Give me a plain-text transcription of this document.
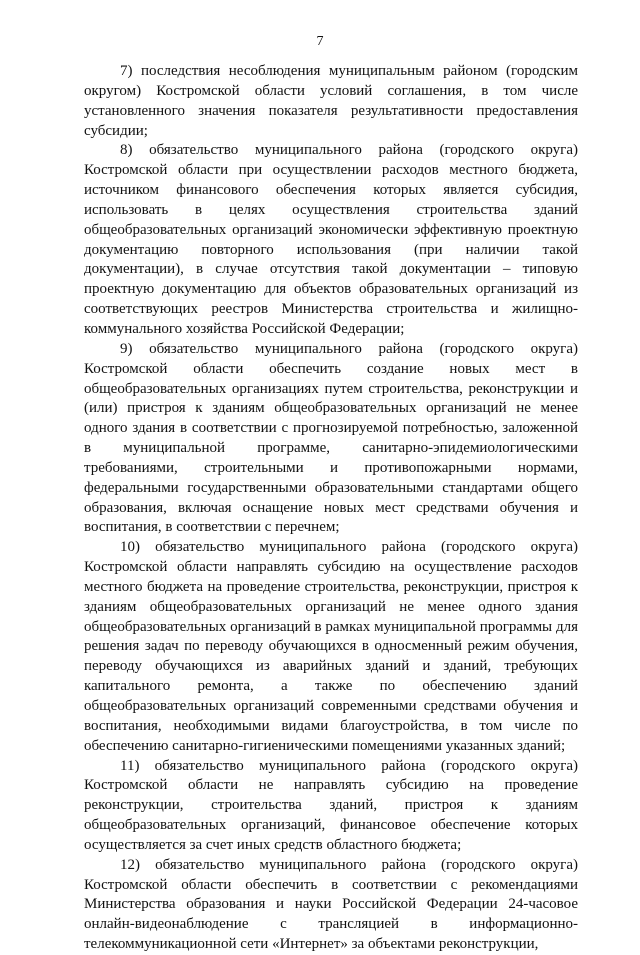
7

7) последствия несоблюдения муниципальным районом (городским округом) Костромской области условий соглашения, в том числе установленного значения показателя результативности предоставления субсидии;

8) обязательство муниципального района (городского округа) Костромской области при осуществлении расходов местного бюджета, источником финансового обеспечения которых является субсидия, использовать в целях осуществления строительства зданий общеобразовательных организаций экономически эффективную проектную документацию повторного использования (при наличии такой документации), в случае отсутствия такой документации – типовую проектную документацию для объектов образовательных организаций из соответствующих реестров Министерства строительства и жилищно-коммунального хозяйства Российской Федерации;

9) обязательство муниципального района (городского округа) Костромской области обеспечить создание новых мест в общеобразовательных организациях путем строительства, реконструкции и (или) пристроя к зданиям общеобразовательных организаций не менее одного здания в соответствии с прогнозируемой потребностью, заложенной в муниципальной программе, санитарно-эпидемиологическими требованиями, строительными и противопожарными нормами, федеральными государственными образовательными стандартами общего образования, включая оснащение новых мест средствами обучения и воспитания, в соответствии с перечнем;

10) обязательство муниципального района (городского округа) Костромской области направлять субсидию на осуществление расходов местного бюджета на проведение строительства, реконструкции, пристроя к зданиям общеобразовательных организаций не менее одного здания общеобразовательных организаций в рамках муниципальной программы для решения задач по переводу обучающихся в односменный режим обучения, переводу обучающихся из аварийных зданий и зданий, требующих капитального ремонта, а также по обеспечению зданий общеобразовательных организаций современными средствами обучения и воспитания, необходимыми видами благоустройства, в том числе по обеспечению санитарно-гигиеническими помещениями указанных зданий;

11) обязательство муниципального района (городского округа) Костромской области не направлять субсидию на проведение реконструкции, строительства зданий, пристроя к зданиям общеобразовательных организаций, финансовое обеспечение которых осуществляется за счет иных средств областного бюджета;

12) обязательство муниципального района (городского округа) Костромской области обеспечить в соответствии с рекомендациями Министерства образования и науки Российской Федерации 24-часовое онлайн-видеонаблюдение с трансляцией в информационно-телекоммуникационной сети «Интернет» за объектами реконструкции,
